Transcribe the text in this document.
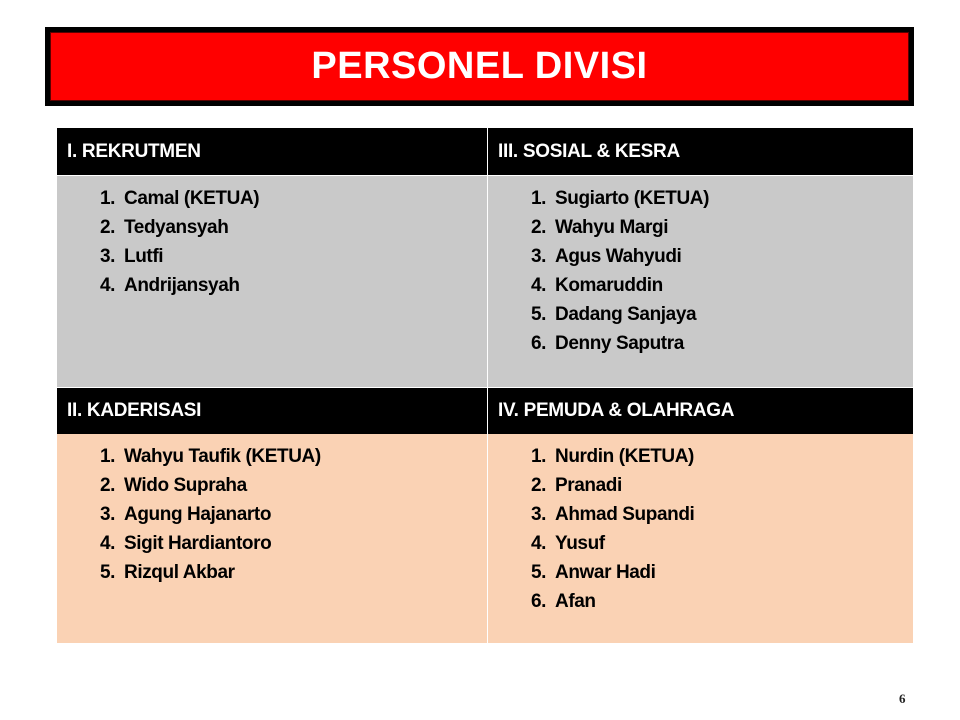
PERSONEL DIVISI
I. REKRUTMEN	III. SOSIAL & KESRA
1. Camal (KETUA)
2. Tedyansyah
3. Lutfi
4. Andrijansyah
1. Sugiarto (KETUA)
2. Wahyu Margi
3. Agus Wahyudi
4. Komaruddin
5. Dadang Sanjaya
6. Denny Saputra
II. KADERISASI	IV. PEMUDA & OLAHRAGA
1. Wahyu Taufik (KETUA)
2. Wido Supraha
3. Agung Hajanarto
4. Sigit Hardiantoro
5. Rizqul Akbar
1. Nurdin (KETUA)
2. Pranadi
3. Ahmad Supandi
4. Yusuf
5. Anwar Hadi
6. Afan
6
